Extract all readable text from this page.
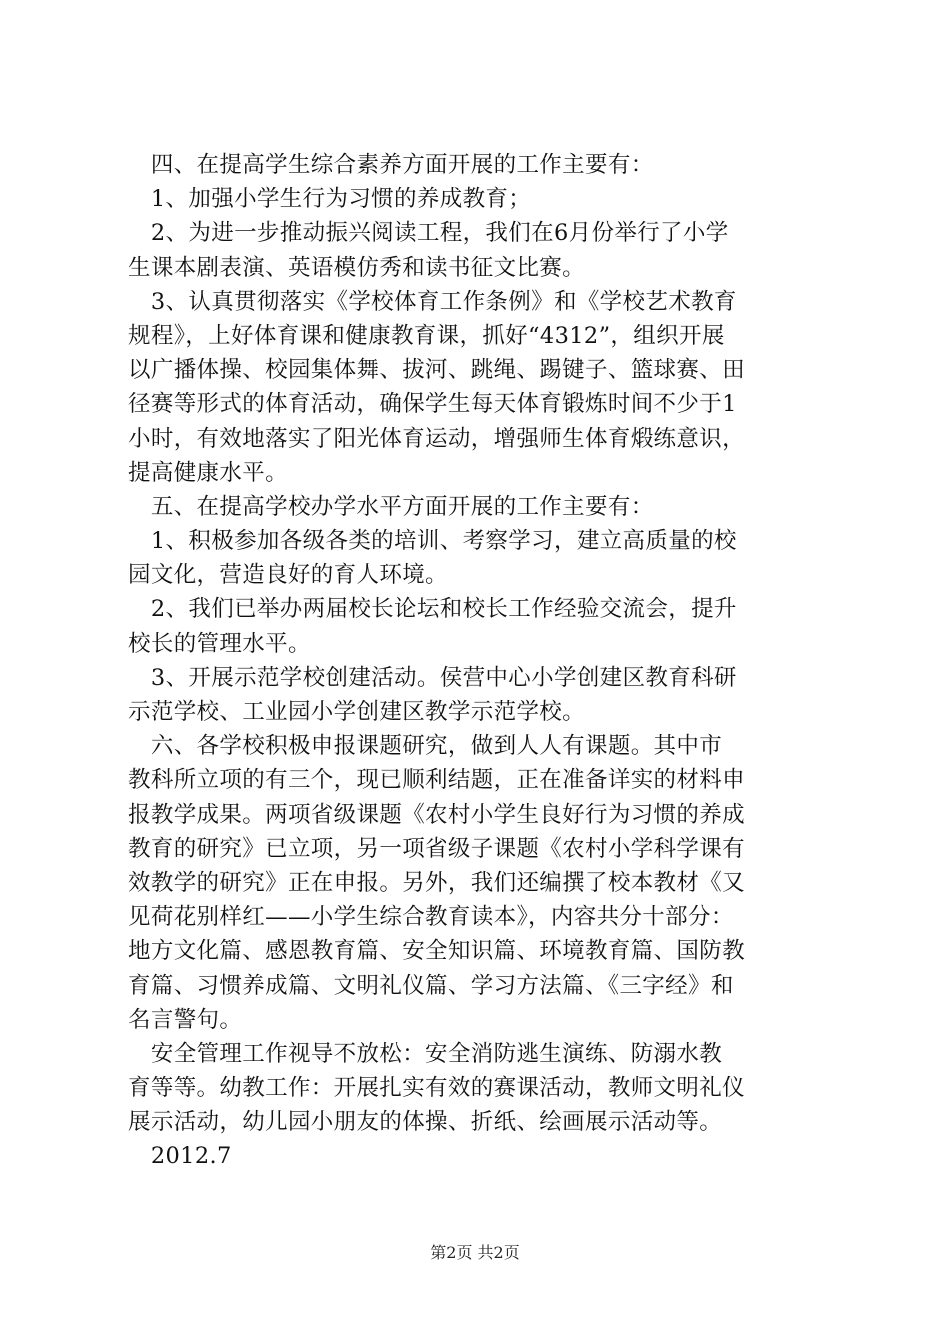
　四、在提高学生综合素养方面开展的工作主要有：
　1、加强小学生行为习惯的养成教育；
　2、为进一步推动振兴阅读工程，我们在6月份举行了小学
生课本剧表演、英语模仿秀和读书征文比赛。
　3、认真贯彻落实《学校体育工作条例》和《学校艺术教育
规程》，上好体育课和健康教育课，抓好“4312”，组织开展
以广播体操、校园集体舞、拔河、跳绳、踢键子、篮球赛、田
径赛等形式的体育活动，确保学生每天体育锻炼时间不少于1
小时，有效地落实了阳光体育运动，增强师生体育煅练意识，
提高健康水平。
　五、在提高学校办学水平方面开展的工作主要有：
　1、积极参加各级各类的培训、考察学习，建立高质量的校
园文化，营造良好的育人环境。
　2、我们已举办两届校长论坛和校长工作经验交流会，提升
校长的管理水平。
　3、开展示范学校创建活动。侯营中心小学创建区教育科研
示范学校、工业园小学创建区教学示范学校。
　六、各学校积极申报课题研究，做到人人有课题。其中市
教科所立项的有三个，现已顺利结题，正在准备详实的材料申
报教学成果。两项省级课题《农村小学生良好行为习惯的养成
教育的研究》已立项，另一项省级子课题《农村小学科学课有
效教学的研究》正在申报。另外，我们还编撰了校本教材《又
见荷花别样红——小学生综合教育读本》，内容共分十部分：
地方文化篇、感恩教育篇、安全知识篇、环境教育篇、国防教
育篇、习惯养成篇、文明礼仪篇、学习方法篇、《三字经》和
名言警句。
　安全管理工作视导不放松：安全消防逃生演练、防溺水教
育等等。幼教工作：开展扎实有效的赛课活动，教师文明礼仪
展示活动，幼儿园小朋友的体操、折纸、绘画展示活动等。
　2012.7
第2页 共2页
